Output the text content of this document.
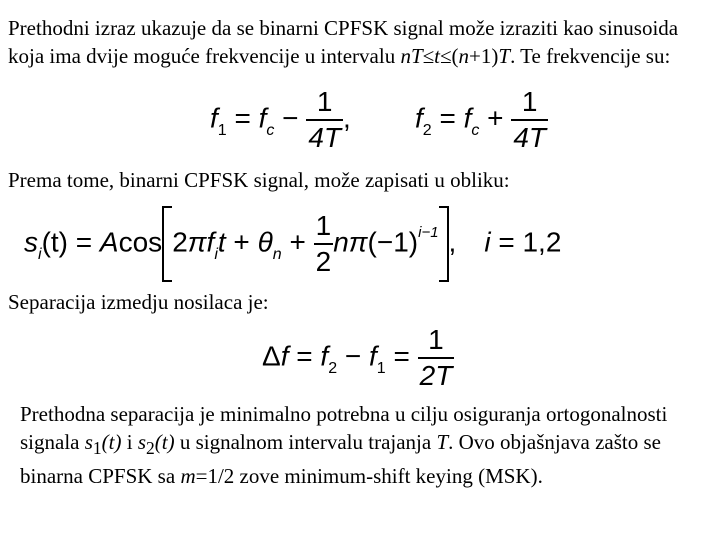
Prethodni izraz ukazuje da se binarni CPFSK signal može izraziti kao sinusoida koja ima dvije moguće frekvencije u intervalu nT≤t≤(n+1)T. Te frekvencije su:

$f_1 = f_c - \frac{1}{4T}$ , $f_2 = f_c + \frac{1}{4T}$

Prema tome, binarni CPFSK signal, može zapisati u obliku:

$s_i(t) = Acos$ $2\pi f_it + \theta_n + \frac{1}{2} n\pi(-1)^{i-1}$ , i = 1,2

Separacija izmedju nosilaca je:

$\Delta f = f_2 - f_1 = \frac{1}{2T}$

Prethodna separacija je minimalno potrebna u cilju osiguranja ortogonalnosti signala $s_1(t)$ i $s_2(t)$ u signalnom intervalu trajanja T. Ovo objašnjava zašto se binarna CPFSK sa m=1/2 zove minimum-shift keying (MSK).
